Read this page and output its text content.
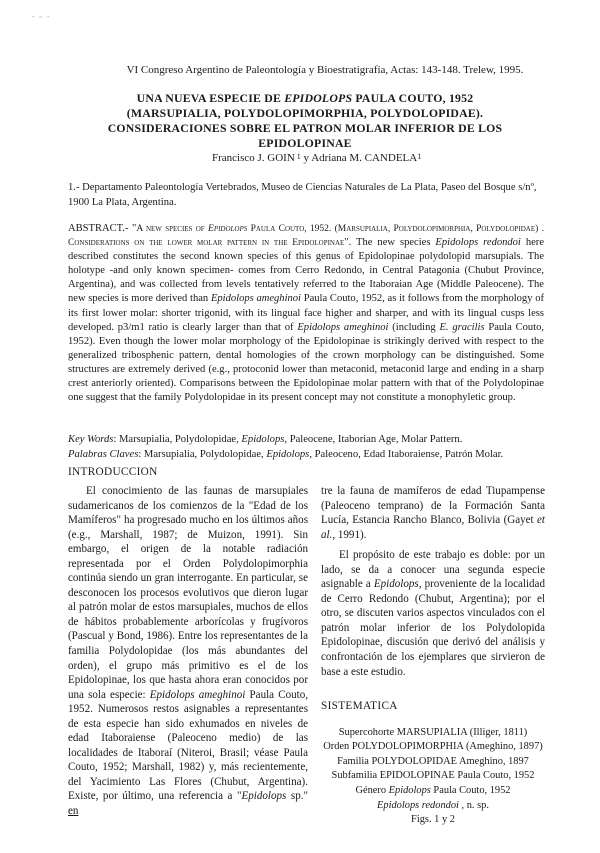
‑ ₌ ‑
VI Congreso Argentino de Paleontología y Bioestratigrafía, Actas: 143-148. Trelew, 1995.
UNA NUEVA ESPECIE DE EPIDOLOPS PAULA COUTO, 1952
(MARSUPIALIA, POLYDOLOPIMORPHIA, POLYDOLOPIDAE).
CONSIDERACIONES SOBRE EL PATRON MOLAR INFERIOR DE LOS
EPIDOLOPINAE
Francisco J. GOIN $^1$ y Adriana M. CANDELA$^1$
1.- Departamento Paleontología Vertebrados, Museo de Ciencias Naturales de La Plata, Paseo del Bosque s/nº,
1900 La Plata, Argentina.
ABSTRACT.- "A new species of Epidolops Paula Couto, 1952. (Marsupialia, Polydolopimorphia, Polydolopidae) . Considerations on the lower molar pattern in the Epidolopinae". The new species Epidolops redondoi here described constitutes the second known species of this genus of Epidolopinae polydolopid marsupials. The holotype -and only known specimen- comes from Cerro Redondo, in Central Patagonia (Chubut Province, Argentina), and was collected from levels tentatively referred to the Itaboraian Age (Middle Paleocene). The new species is more derived than Epidolops ameghinoi Paula Couto, 1952, as it follows from the morphology of its first lower molar: shorter trigonid, with its lingual face higher and sharper, and with its lingual cusps less developed. p3/m1 ratio is clearly larger than that of Epidolops ameghinoi (including E. gracilis Paula Couto, 1952). Even though the lower molar morphology of the Epidolopinae is strikingly derived with respect to the generalized tribosphenic pattern, dental homologies of the crown morphology can be distinguished. Some structures are extremely derived (e.g., protoconid lower than metaconid, metaconid large and ending in a sharp crest anteriorly oriented). Comparisons between the Epidolopinae molar pattern with that of the Polydolopinae one suggest that the family Polydolopidae in its present concept may not constitute a monophyletic group.
Key Words: Marsupialia, Polydolopidae, Epidolops, Paleocene, Itaborian Age, Molar Pattern.
Palabras Claves: Marsupialia, Polydolopidae, Epidolops, Paleoceno, Edad Itaboraiense, Patrón Molar.
INTRODUCCION

El conocimiento de las faunas de marsupiales sudamericanos de los comienzos de la "Edad de los Mamíferos" ha progresado mucho en los últimos años (e.g., Marshall, 1987; de Muizon, 1991). Sin embargo, el origen de la notable radiación representada por el Orden Polydolopimorphia continúa siendo un gran interrogante. En particular, se desconocen los procesos evolutivos que dieron lugar al patrón molar de estos marsupiales, muchos de ellos de hábitos probablemente arborícolas y frugívoros (Pascual y Bond, 1986). Entre los representantes de la familia Polydolopidae (los más abundantes del orden), el grupo más primitivo es el de los Epidolopinae, los que hasta ahora eran conocidos por una sola especie: Epidolops ameghinoi Paula Couto, 1952. Numerosos restos asignables a representantes de esta especie han sido exhumados en niveles de edad Itaboraiense (Paleoceno medio) de las localidades de Itaboraí (Niteroi, Brasil; véase Paula Couto, 1952; Marshall, 1982) y, más recientemente, del Yacimiento Las Flores (Chubut, Argentina). Existe, por último, una referencia a "Epidolops sp." en

tre la fauna de mamíferos de edad Tiupampense (Paleoceno temprano) de la Formación Santa Lucía, Estancia Rancho Blanco, Bolivia (Gayet et al., 1991).

El propósito de este trabajo es doble: por un lado, se da a conocer una segunda especie asignable a Epidolops, proveniente de la localidad de Cerro Redondo (Chubut, Argentina); por el otro, se discuten varios aspectos vinculados con el patrón molar inferior de los Polydolopida Epidolopinae, discusión que derivó del análisis y confrontación de los ejemplares que sirvieron de base a este estudio.

SISTEMATICA
Supercohorte MARSUPIALIA (Illiger, 1811)
Orden POLYDOLOPIMORPHIA (Ameghino, 1897)
Familia POLYDOLOPIDAE Ameghino, 1897
Subfamilia EPIDOLOPINAE Paula Couto, 1952
Género Epidolops Paula Couto, 1952
Epidolops redondoi , n. sp.
Figs. 1 y 2
